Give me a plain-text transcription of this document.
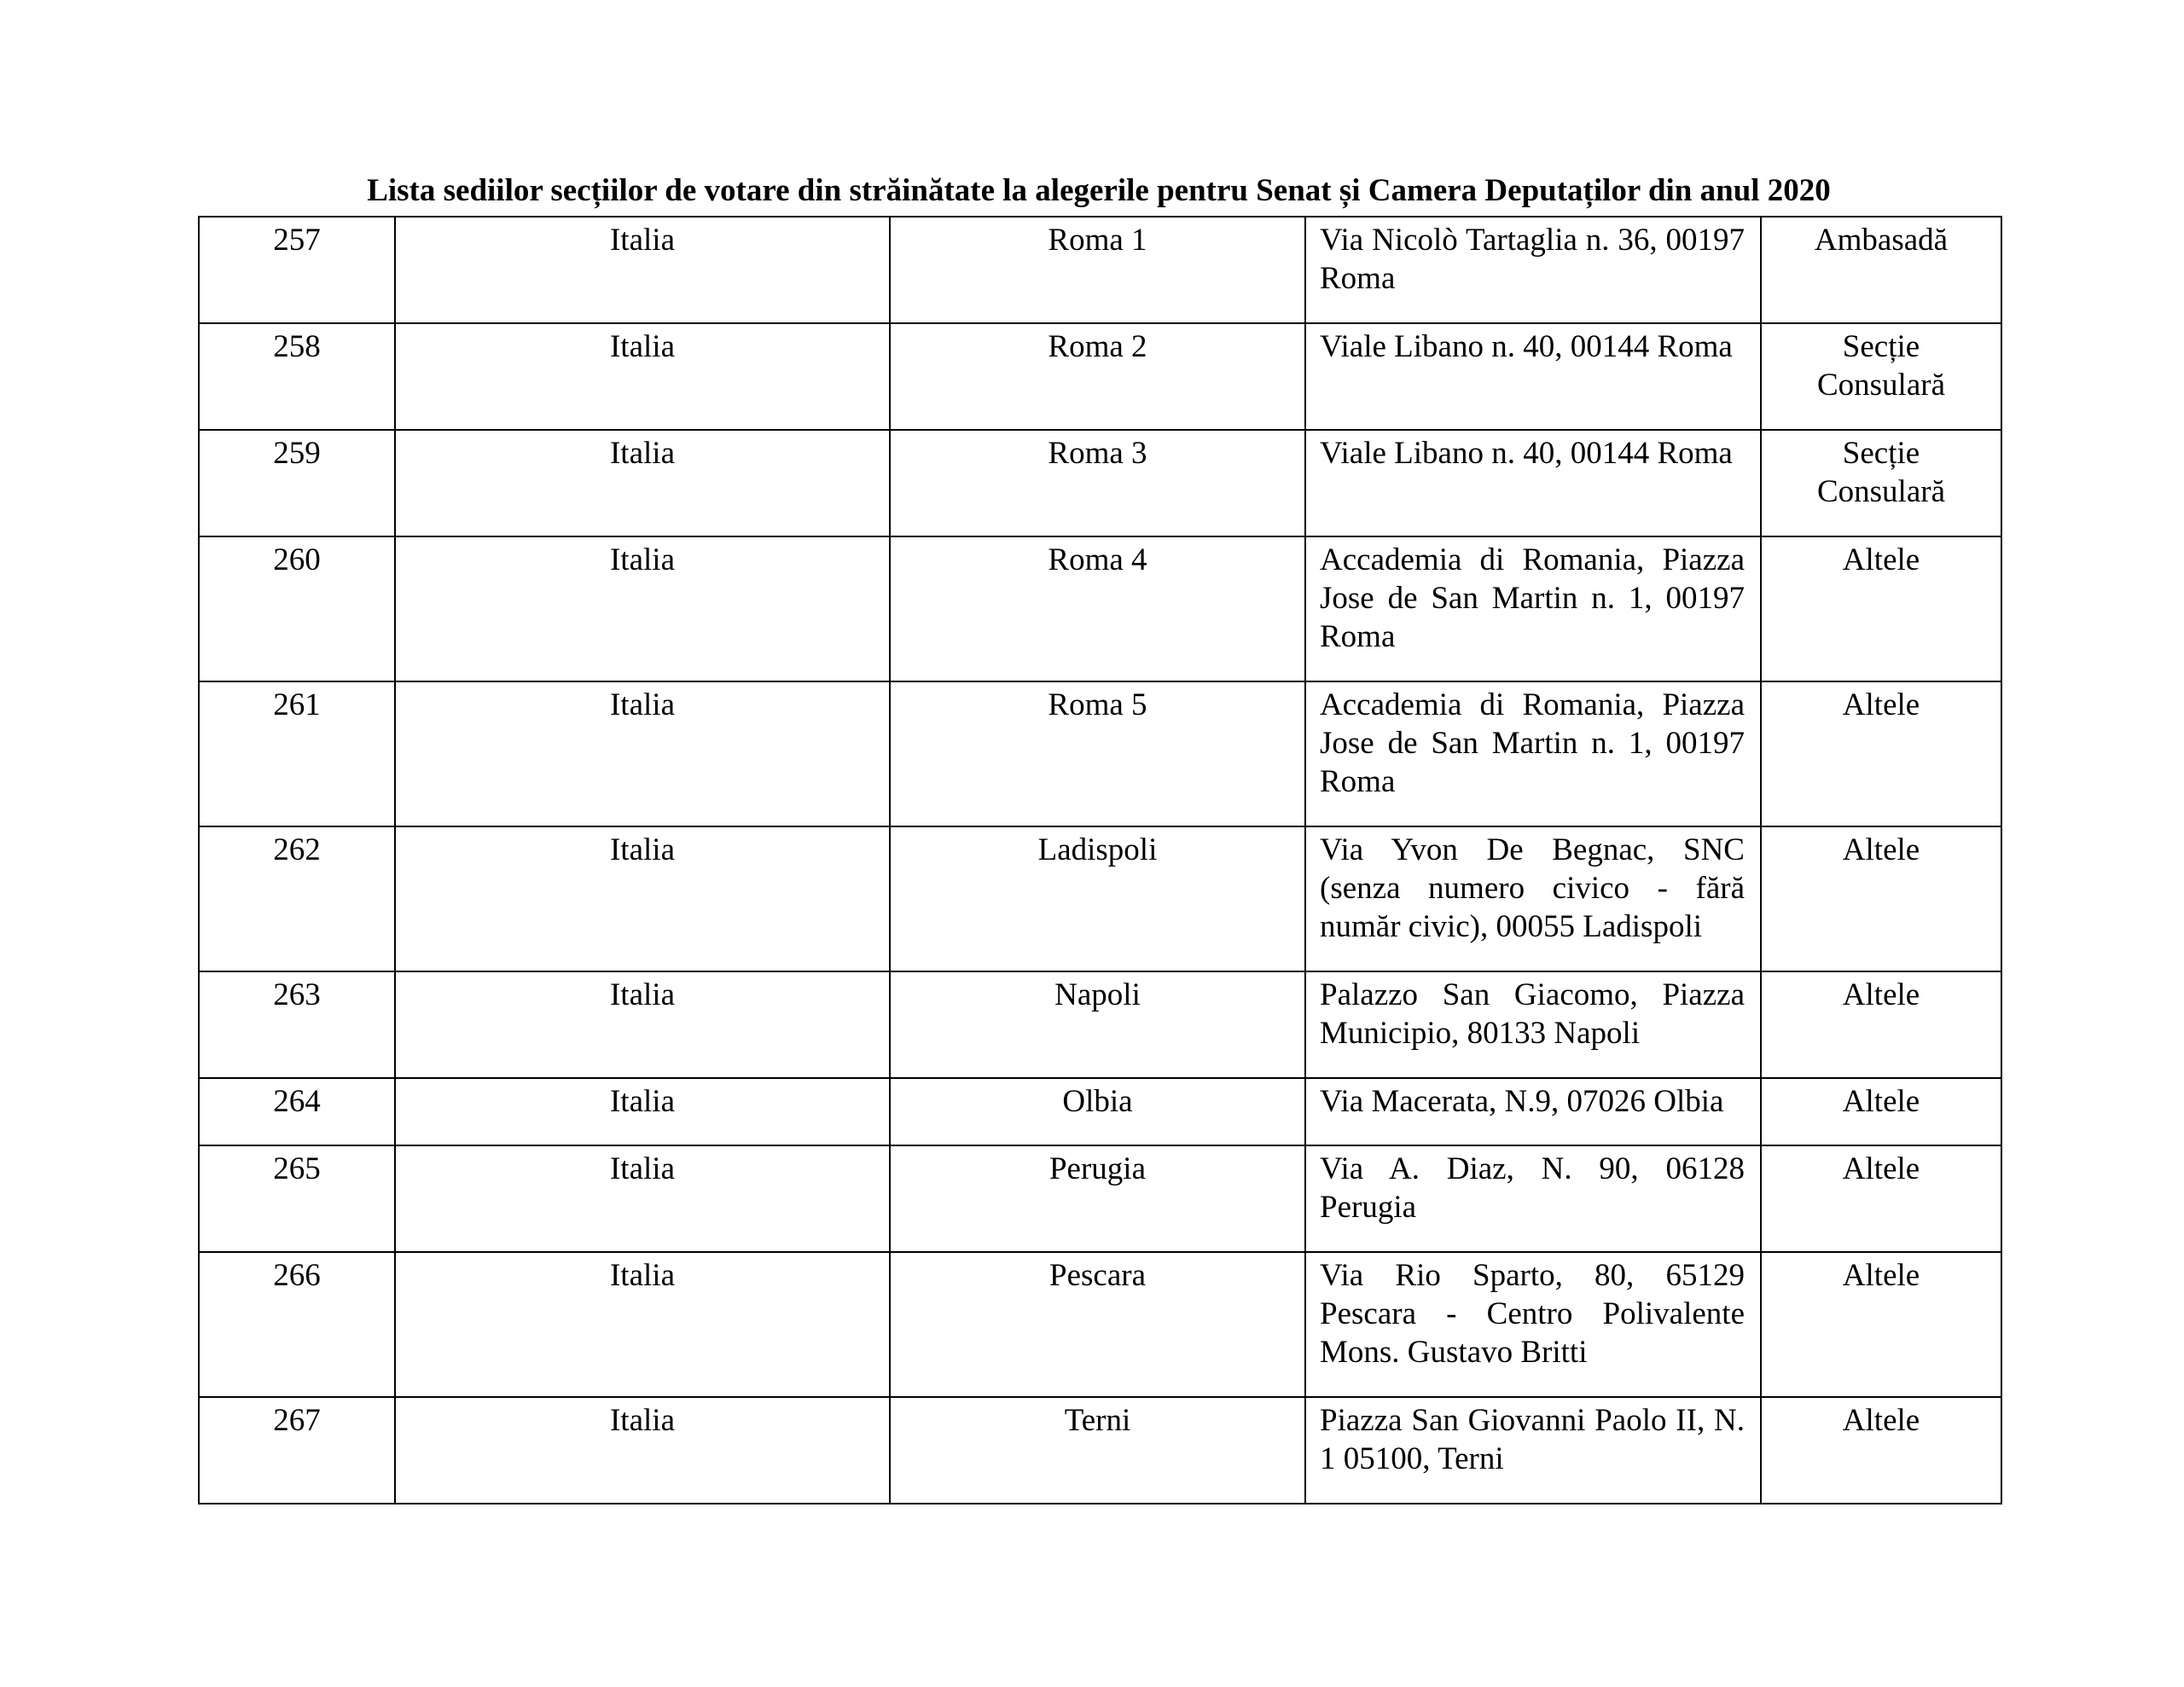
Lista sediilor secțiilor de votare din străinătate la alegerile pentru Senat și Camera Deputaților din anul 2020
257	Italia	Roma 1	Via Nicolò Tartaglia n. 36, 00197 Roma	Ambasadă

258	Italia	Roma 2	Viale Libano n. 40, 00144 Roma	Secție Consulară

259	Italia	Roma 3	Viale Libano n. 40, 00144 Roma	Secție Consulară

260	Italia	Roma 4	Accademia di Romania, Piazza Jose de San Martin n. 1, 00197 Roma	Altele

261	Italia	Roma 5	Accademia di Romania, Piazza Jose de San Martin n. 1, 00197 Roma	Altele

262	Italia	Ladispoli	Via Yvon De Begnac, SNC (senza numero civico - fără număr civic), 00055 Ladispoli	Altele

263	Italia	Napoli	Palazzo San Giacomo, Piazza Municipio, 80133 Napoli	Altele

264	Italia	Olbia	Via Macerata, N.9, 07026 Olbia	Altele

265	Italia	Perugia	Via A. Diaz, N. 90, 06128 Perugia	Altele

266	Italia	Pescara	Via Rio Sparto, 80, 65129 Pescara - Centro Polivalente Mons. Gustavo Britti	Altele

267	Italia	Terni	Piazza San Giovanni Paolo II, N. 1 05100, Terni	Altele
